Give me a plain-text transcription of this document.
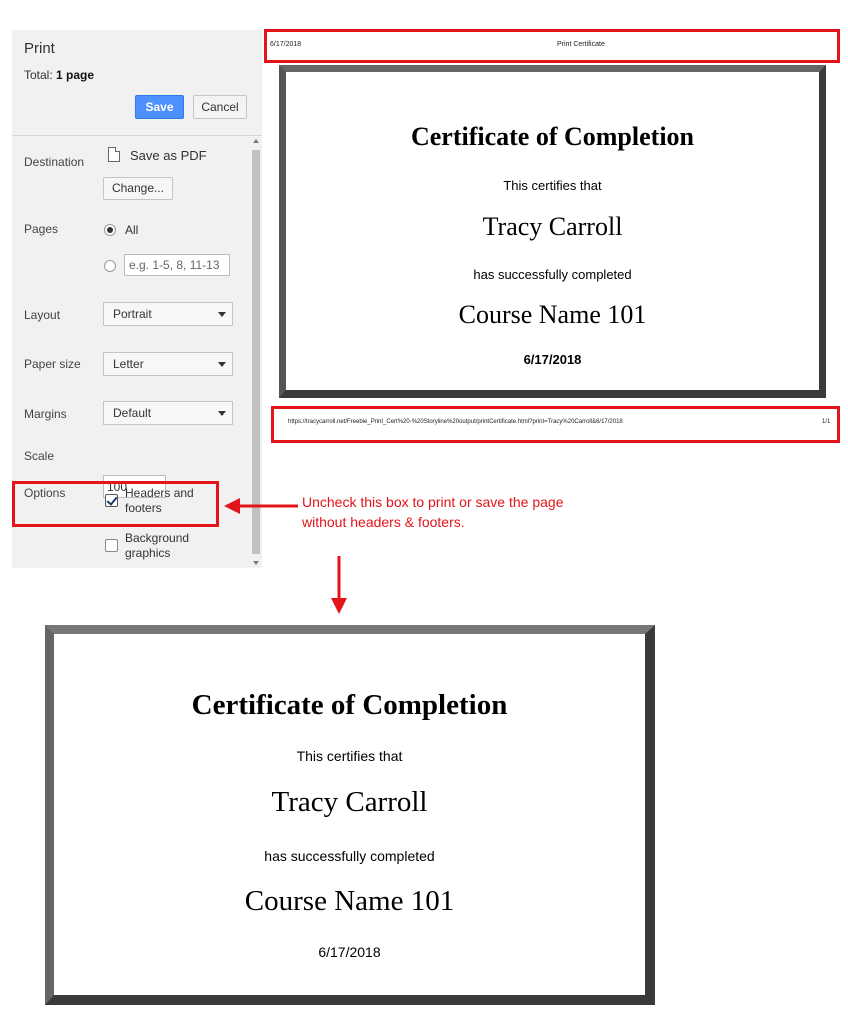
Print
Total: 1 page
Save	Cancel
Destination	Save as PDF
Change...
Pages	All
e.g. 1-5, 8, 11-13
Layout	Portrait
Paper size	Letter
Margins	Default
Scale
100
Options	Headers and footers
Background graphics
6/17/2018	Print Certificate
Certificate of Completion
This certifies that
Tracy Carroll
has successfully completed
Course Name 101
6/17/2018
https://tracycarroll.net/Freebie_Print_Cert%20-%20Storyline%20output/printCertificate.html?print=Tracy%20Carroll&6/17/2018	1/1
Uncheck this box to print or save the page without headers & footers.
Certificate of Completion
This certifies that
Tracy Carroll
has successfully completed
Course Name 101
6/17/2018
